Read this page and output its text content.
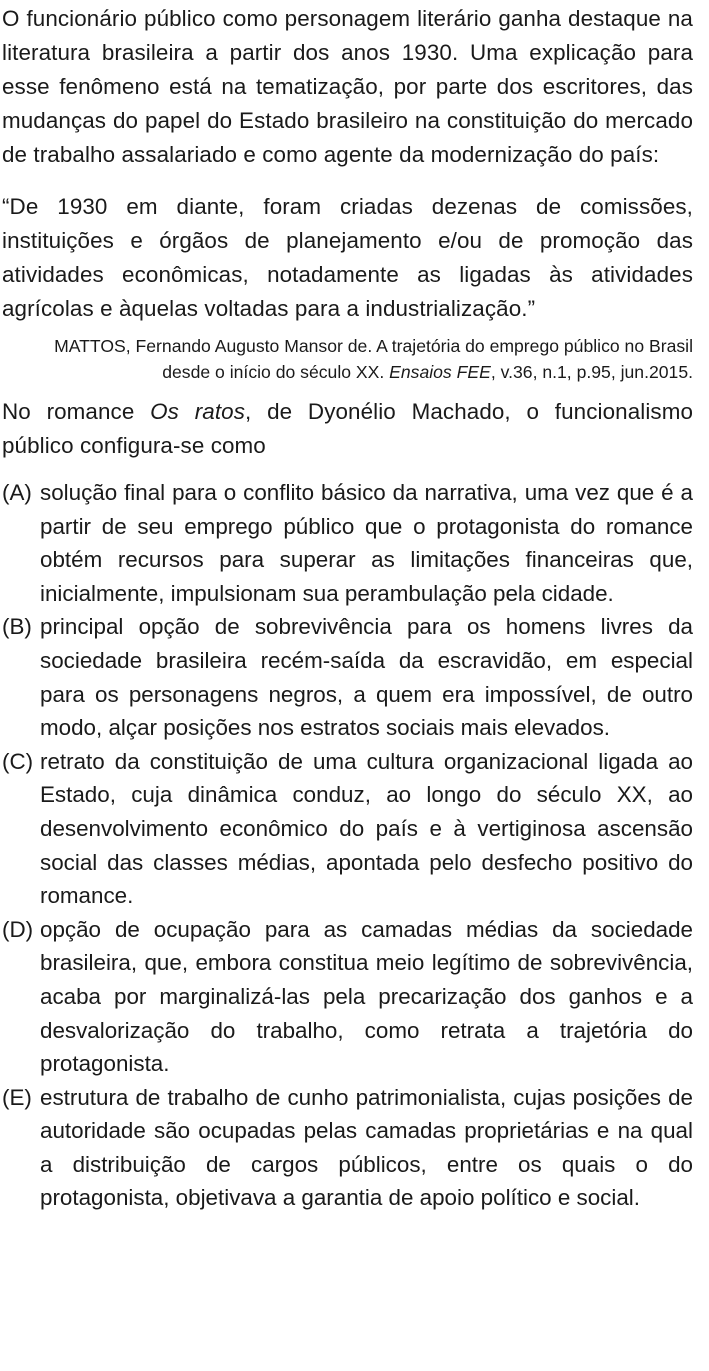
O funcionário público como personagem literário ganha destaque na literatura brasileira a partir dos anos 1930. Uma explicação para esse fenômeno está na tematização, por parte dos escritores, das mudanças do papel do Estado brasileiro na constituição do mercado de trabalho assalariado e como agente da modernização do país:

“De 1930 em diante, foram criadas dezenas de comissões, instituições e órgãos de planejamento e/ou de promoção das atividades econômicas, notadamente as ligadas às atividades agrícolas e àquelas voltadas para a industrialização.”

MATTOS, Fernando Augusto Mansor de. A trajetória do emprego público no Brasil desde o início do século XX. Ensaios FEE, v.36, n.1, p.95, jun.2015.

No romance Os ratos, de Dyonélio Machado, o funcionalismo público configura-se como

(A) solução final para o conflito básico da narrativa, uma vez que é a partir de seu emprego público que o protagonista do romance obtém recursos para superar as limitações financeiras que, inicialmente, impulsionam sua perambulação pela cidade.
(B) principal opção de sobrevivência para os homens livres da sociedade brasileira recém-saída da escravidão, em especial para os personagens negros, a quem era impossível, de outro modo, alçar posições nos estratos sociais mais elevados.
(C) retrato da constituição de uma cultura organizacional ligada ao Estado, cuja dinâmica conduz, ao longo do século XX, ao desenvolvimento econômico do país e à vertiginosa ascensão social das classes médias, apontada pelo desfecho positivo do romance.
(D) opção de ocupação para as camadas médias da sociedade brasileira, que, embora constitua meio legítimo de sobrevivência, acaba por marginalizá-las pela precarização dos ganhos e a desvalorização do trabalho, como retrata a trajetória do protagonista.
(E) estrutura de trabalho de cunho patrimonialista, cujas posições de autoridade são ocupadas pelas camadas proprietárias e na qual a distribuição de cargos públicos, entre os quais o do protagonista, objetivava a garantia de apoio político e social.
